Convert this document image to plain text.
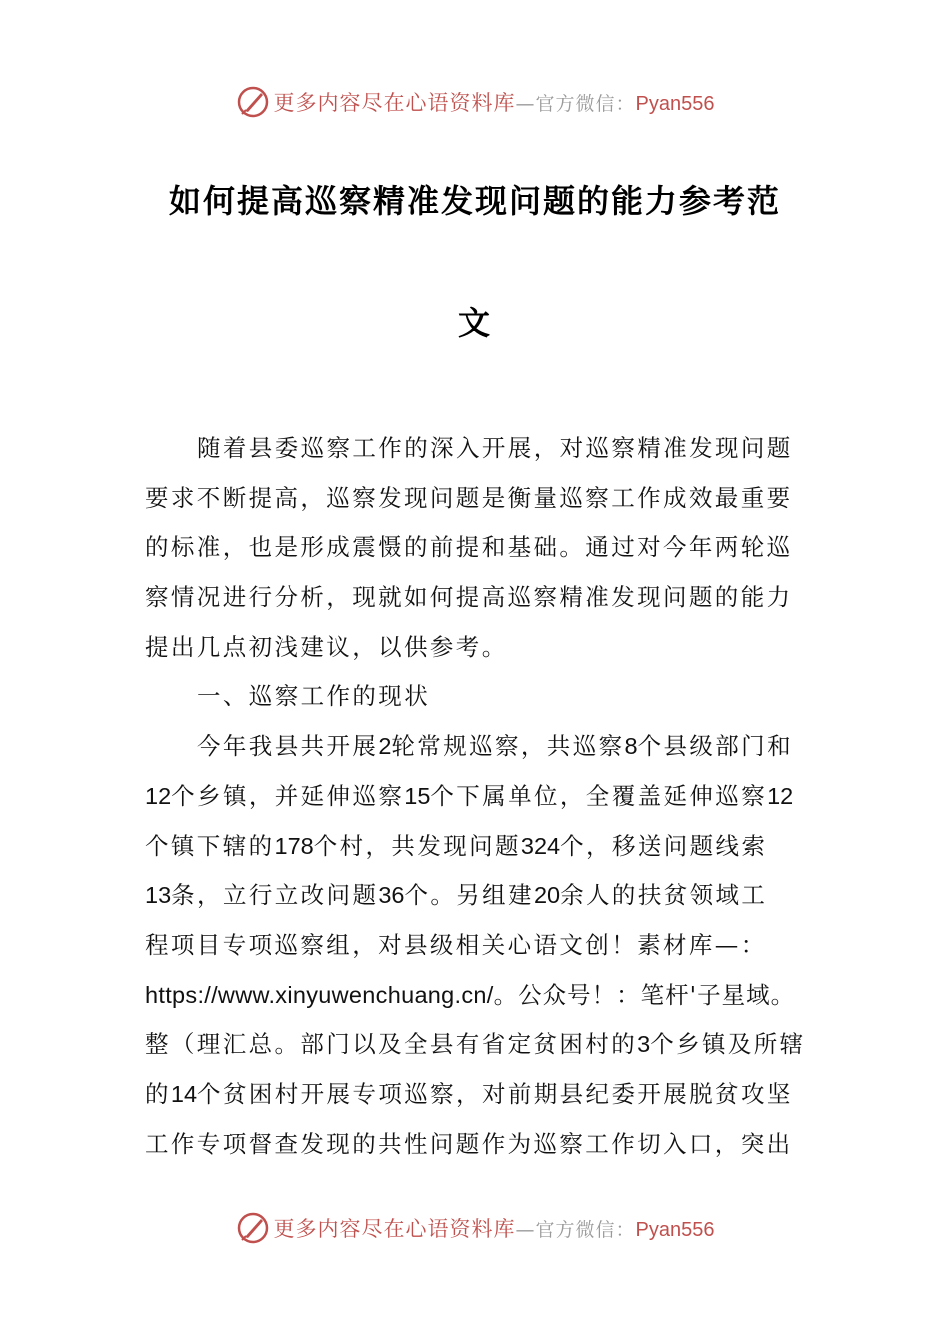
更多内容尽在心语资料库—官方微信：Pyan556
如何提高巡察精准发现问题的能力参考范
文
随着县委巡察工作的深入开展，对巡察精准发现问题
要求不断提高，巡察发现问题是衡量巡察工作成效最重要
的标准，也是形成震慑的前提和基础。通过对今年两轮巡
察情况进行分析，现就如何提高巡察精准发现问题的能力
提出几点初浅建议，以供参考。
一、巡察工作的现状
今年我县共开展2轮常规巡察，共巡察8个县级部门和
12个乡镇，并延伸巡察15个下属单位，全覆盖延伸巡察12
个镇下辖的178个村，共发现问题324个，移送问题线索
13条，立行立改问题36个。另组建20余人的扶贫领域工
程项目专项巡察组，对县级相关心语文创！素材库—：
https://www.xinyuwenchuang.cn/。公众号！：笔杆'子星域。
整（理汇总。部门以及全县有省定贫困村的3个乡镇及所辖
的14个贫困村开展专项巡察，对前期县纪委开展脱贫攻坚
工作专项督查发现的共性问题作为巡察工作切入口，突出
更多内容尽在心语资料库—官方微信：Pyan556
